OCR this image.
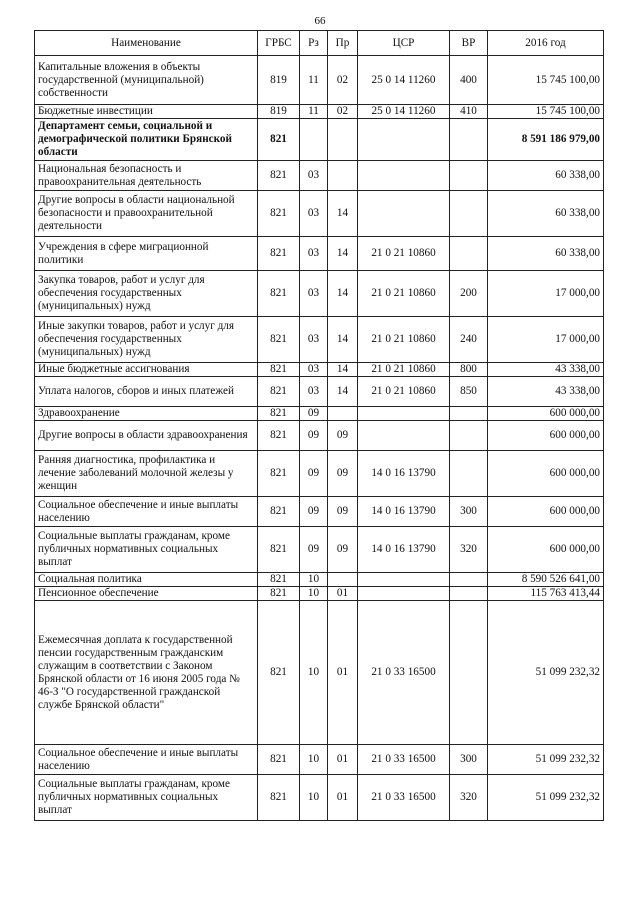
66
Наименование	ГРБС	Рз	Пр	ЦСР	ВР	2016 год
Капитальные вложения в объекты государственной (муниципальной) собственности	819	11	02	25 0 14 11260	400	15 745 100,00
Бюджетные инвестиции	819	11	02	25 0 14 11260	410	15 745 100,00
Департамент семьи, социальной и демографической политики Брянской области	821					8 591 186 979,00
Национальная безопасность и правоохранительная деятельность	821	03				60 338,00
Другие вопросы в области национальной безопасности и правоохранительной деятельности	821	03	14			60 338,00
Учреждения в сфере миграционной политики	821	03	14	21 0 21 10860		60 338,00
Закупка товаров, работ и услуг для обеспечения государственных (муниципальных) нужд	821	03	14	21 0 21 10860	200	17 000,00
Иные закупки товаров, работ и услуг для обеспечения государственных (муниципальных) нужд	821	03	14	21 0 21 10860	240	17 000,00
Иные бюджетные ассигнования	821	03	14	21 0 21 10860	800	43 338,00
Уплата налогов, сборов и иных платежей	821	03	14	21 0 21 10860	850	43 338,00
Здравоохранение	821	09				600 000,00
Другие вопросы в области здравоохранения	821	09	09			600 000,00
Ранняя диагностика, профилактика и лечение заболеваний молочной железы у женщин	821	09	09	14 0 16 13790		600 000,00
Социальное обеспечение и иные выплаты населению	821	09	09	14 0 16 13790	300	600 000,00
Социальные выплаты гражданам, кроме публичных нормативных социальных выплат	821	09	09	14 0 16 13790	320	600 000,00
Социальная политика	821	10				8 590 526 641,00
Пенсионное обеспечение	821	10	01			115 763 413,44
Ежемесячная доплата к государственной пенсии государственным гражданским служащим в соответствии с Законом Брянской области от 16 июня 2005 года № 46-З "О государственной гражданской службе Брянской области"	821	10	01	21 0 33 16500		51 099 232,32
Социальное обеспечение и иные выплаты населению	821	10	01	21 0 33 16500	300	51 099 232,32
Социальные выплаты гражданам, кроме публичных нормативных социальных выплат	821	10	01	21 0 33 16500	320	51 099 232,32
